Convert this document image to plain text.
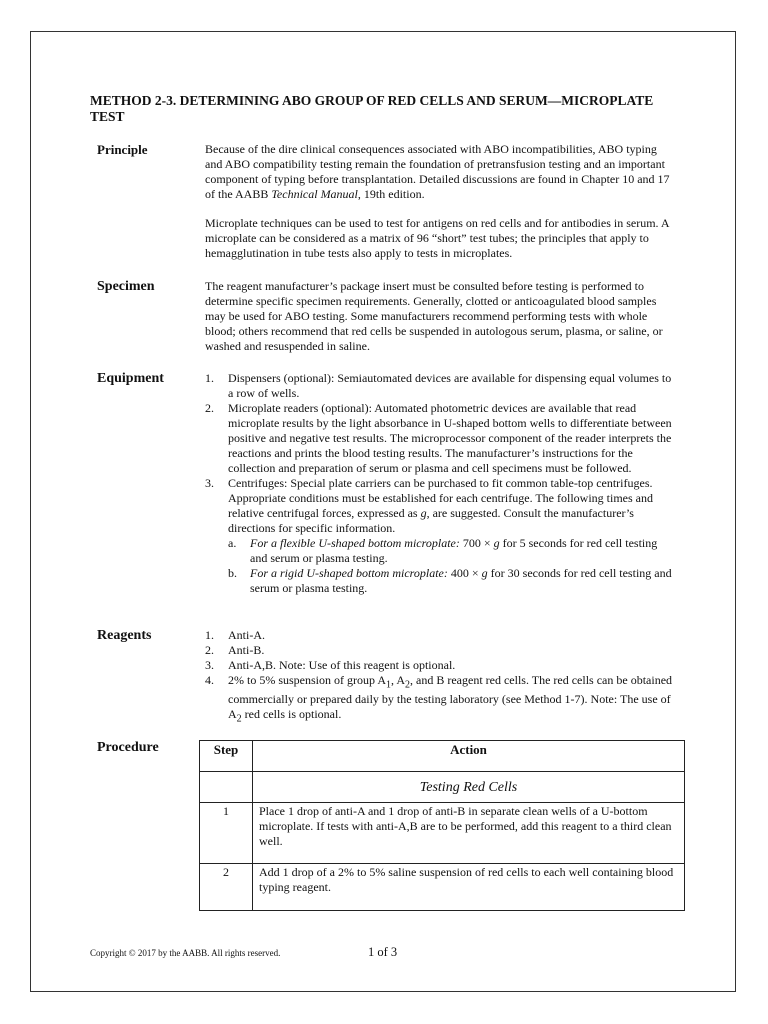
METHOD 2-3. DETERMINING ABO GROUP OF RED CELLS AND SERUM—MICROPLATE TEST
Principle	Because of the dire clinical consequences associated with ABO incompatibilities, ABO typing and ABO compatibility testing remain the foundation of pretransfusion testing and an important component of typing before transplantation. Detailed discussions are found in Chapter 10 and 17 of the AABB Technical Manual, 19th edition.

Microplate techniques can be used to test for antigens on red cells and for antibodies in serum. A microplate can be considered as a matrix of 96 “short” test tubes; the principles that apply to hemagglutination in tube tests also apply to tests in microplates.

Specimen	The reagent manufacturer’s package insert must be consulted before testing is performed to determine specific specimen requirements. Generally, clotted or anticoagulated blood samples may be used for ABO testing. Some manufacturers recommend performing tests with whole blood; others recommend that red cells be suspended in autologous serum, plasma, or saline, or washed and resuspended in saline.

Equipment	1. Dispensers (optional): Semiautomated devices are available for dispensing equal volumes to a row of wells.
2. Microplate readers (optional): Automated photometric devices are available that read microplate results by the light absorbance in U-shaped bottom wells to differentiate between positive and negative test results. The microprocessor component of the reader interprets the reactions and prints the blood testing results. The manufacturer’s instructions for the collection and preparation of serum or plasma and cell specimens must be followed.
3. Centrifuges: Special plate carriers can be purchased to fit common table-top centrifuges. Appropriate conditions must be established for each centrifuge. The following times and relative centrifugal forces, expressed as g, are suggested. Consult the manufacturer’s directions for specific information.
a. For a flexible U-shaped bottom microplate: 700 × g for 5 seconds for red cell testing and serum or plasma testing.
b. For a rigid U-shaped bottom microplate: 400 × g for 30 seconds for red cell testing and serum or plasma testing.
Reagents	1. Anti-A.
2. Anti-B.
3. Anti-A,B. Note: Use of this reagent is optional.
4. 2% to 5% suspension of group $A_1$, $A_2$, and B reagent red cells. The red cells can be obtained commercially or prepared daily by the testing laboratory (see Method 1-7). Note: The use of $A_2$ red cells is optional.
Procedure	Step	Action
	Testing Red Cells
1	Place 1 drop of anti-A and 1 drop of anti-B in separate clean wells of a U-bottom microplate. If tests with anti-A,B are to be performed, add this reagent to a third clean well.
2	Add 1 drop of a 2% to 5% saline suspension of red cells to each well containing blood typing reagent.
Copyright © 2017 by the AABB. All rights reserved.	1 of 3
